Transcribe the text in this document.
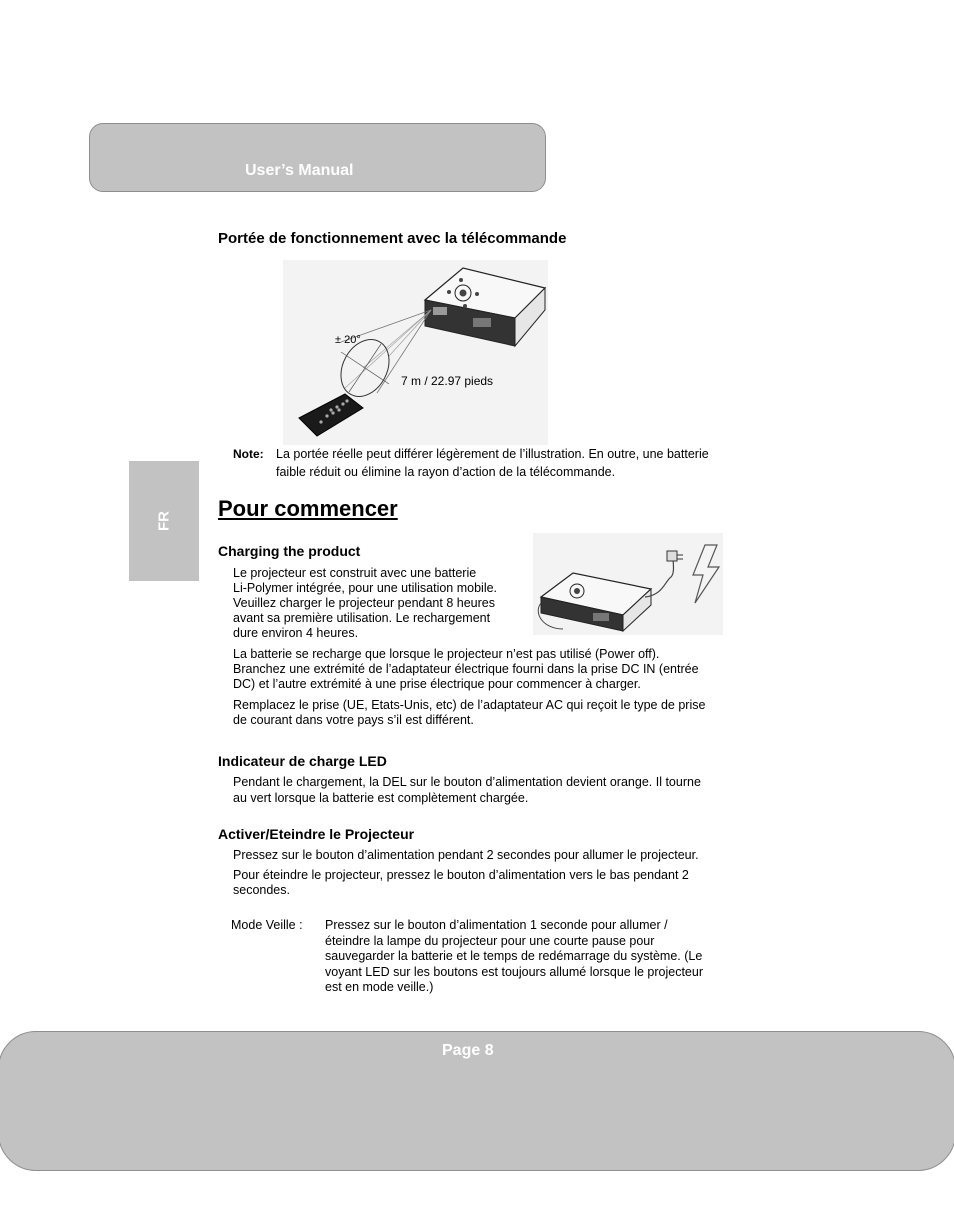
User’s Manual
FR
Portée de fonctionnement avec la télécommande
± 20°
7 m / 22.97 pieds
Note: La portée réelle peut différer légèrement de l’illustration. En outre, une batterie
faible réduit ou élimine la rayon d’action de la télécommande.
Pour commencer
Charging the product
Le projecteur est construit avec une batterie
Li-Polymer intégrée, pour une utilisation mobile.
Veuillez charger le projecteur pendant 8 heures
avant sa première utilisation. Le rechargement
dure environ 4 heures.
La batterie se recharge que lorsque le projecteur n’est pas utilisé (Power off).
Branchez une extrémité de l’adaptateur électrique fourni dans la prise DC IN (entrée
DC) et l’autre extrémité à une prise électrique pour commencer à charger.
Remplacez le prise (UE, Etats-Unis, etc) de l’adaptateur AC qui reçoit le type de prise
de courant dans votre pays s’il est différent.
Indicateur de charge LED
Pendant le chargement, la DEL sur le bouton d’alimentation devient orange. Il tourne
au vert lorsque la batterie est complètement chargée.
Activer/Eteindre le Projecteur
Pressez sur le bouton d’alimentation pendant 2 secondes pour allumer le projecteur.
Pour éteindre le projecteur, pressez le bouton d’alimentation vers le bas pendant 2
secondes.
Mode Veille : Pressez sur le bouton d’alimentation 1 seconde pour allumer /
éteindre la lampe du projecteur pour une courte pause pour
sauvegarder la batterie et le temps de redémarrage du système. (Le
voyant LED sur les boutons est toujours allumé lorsque le projecteur
est en mode veille.)
Page 8
